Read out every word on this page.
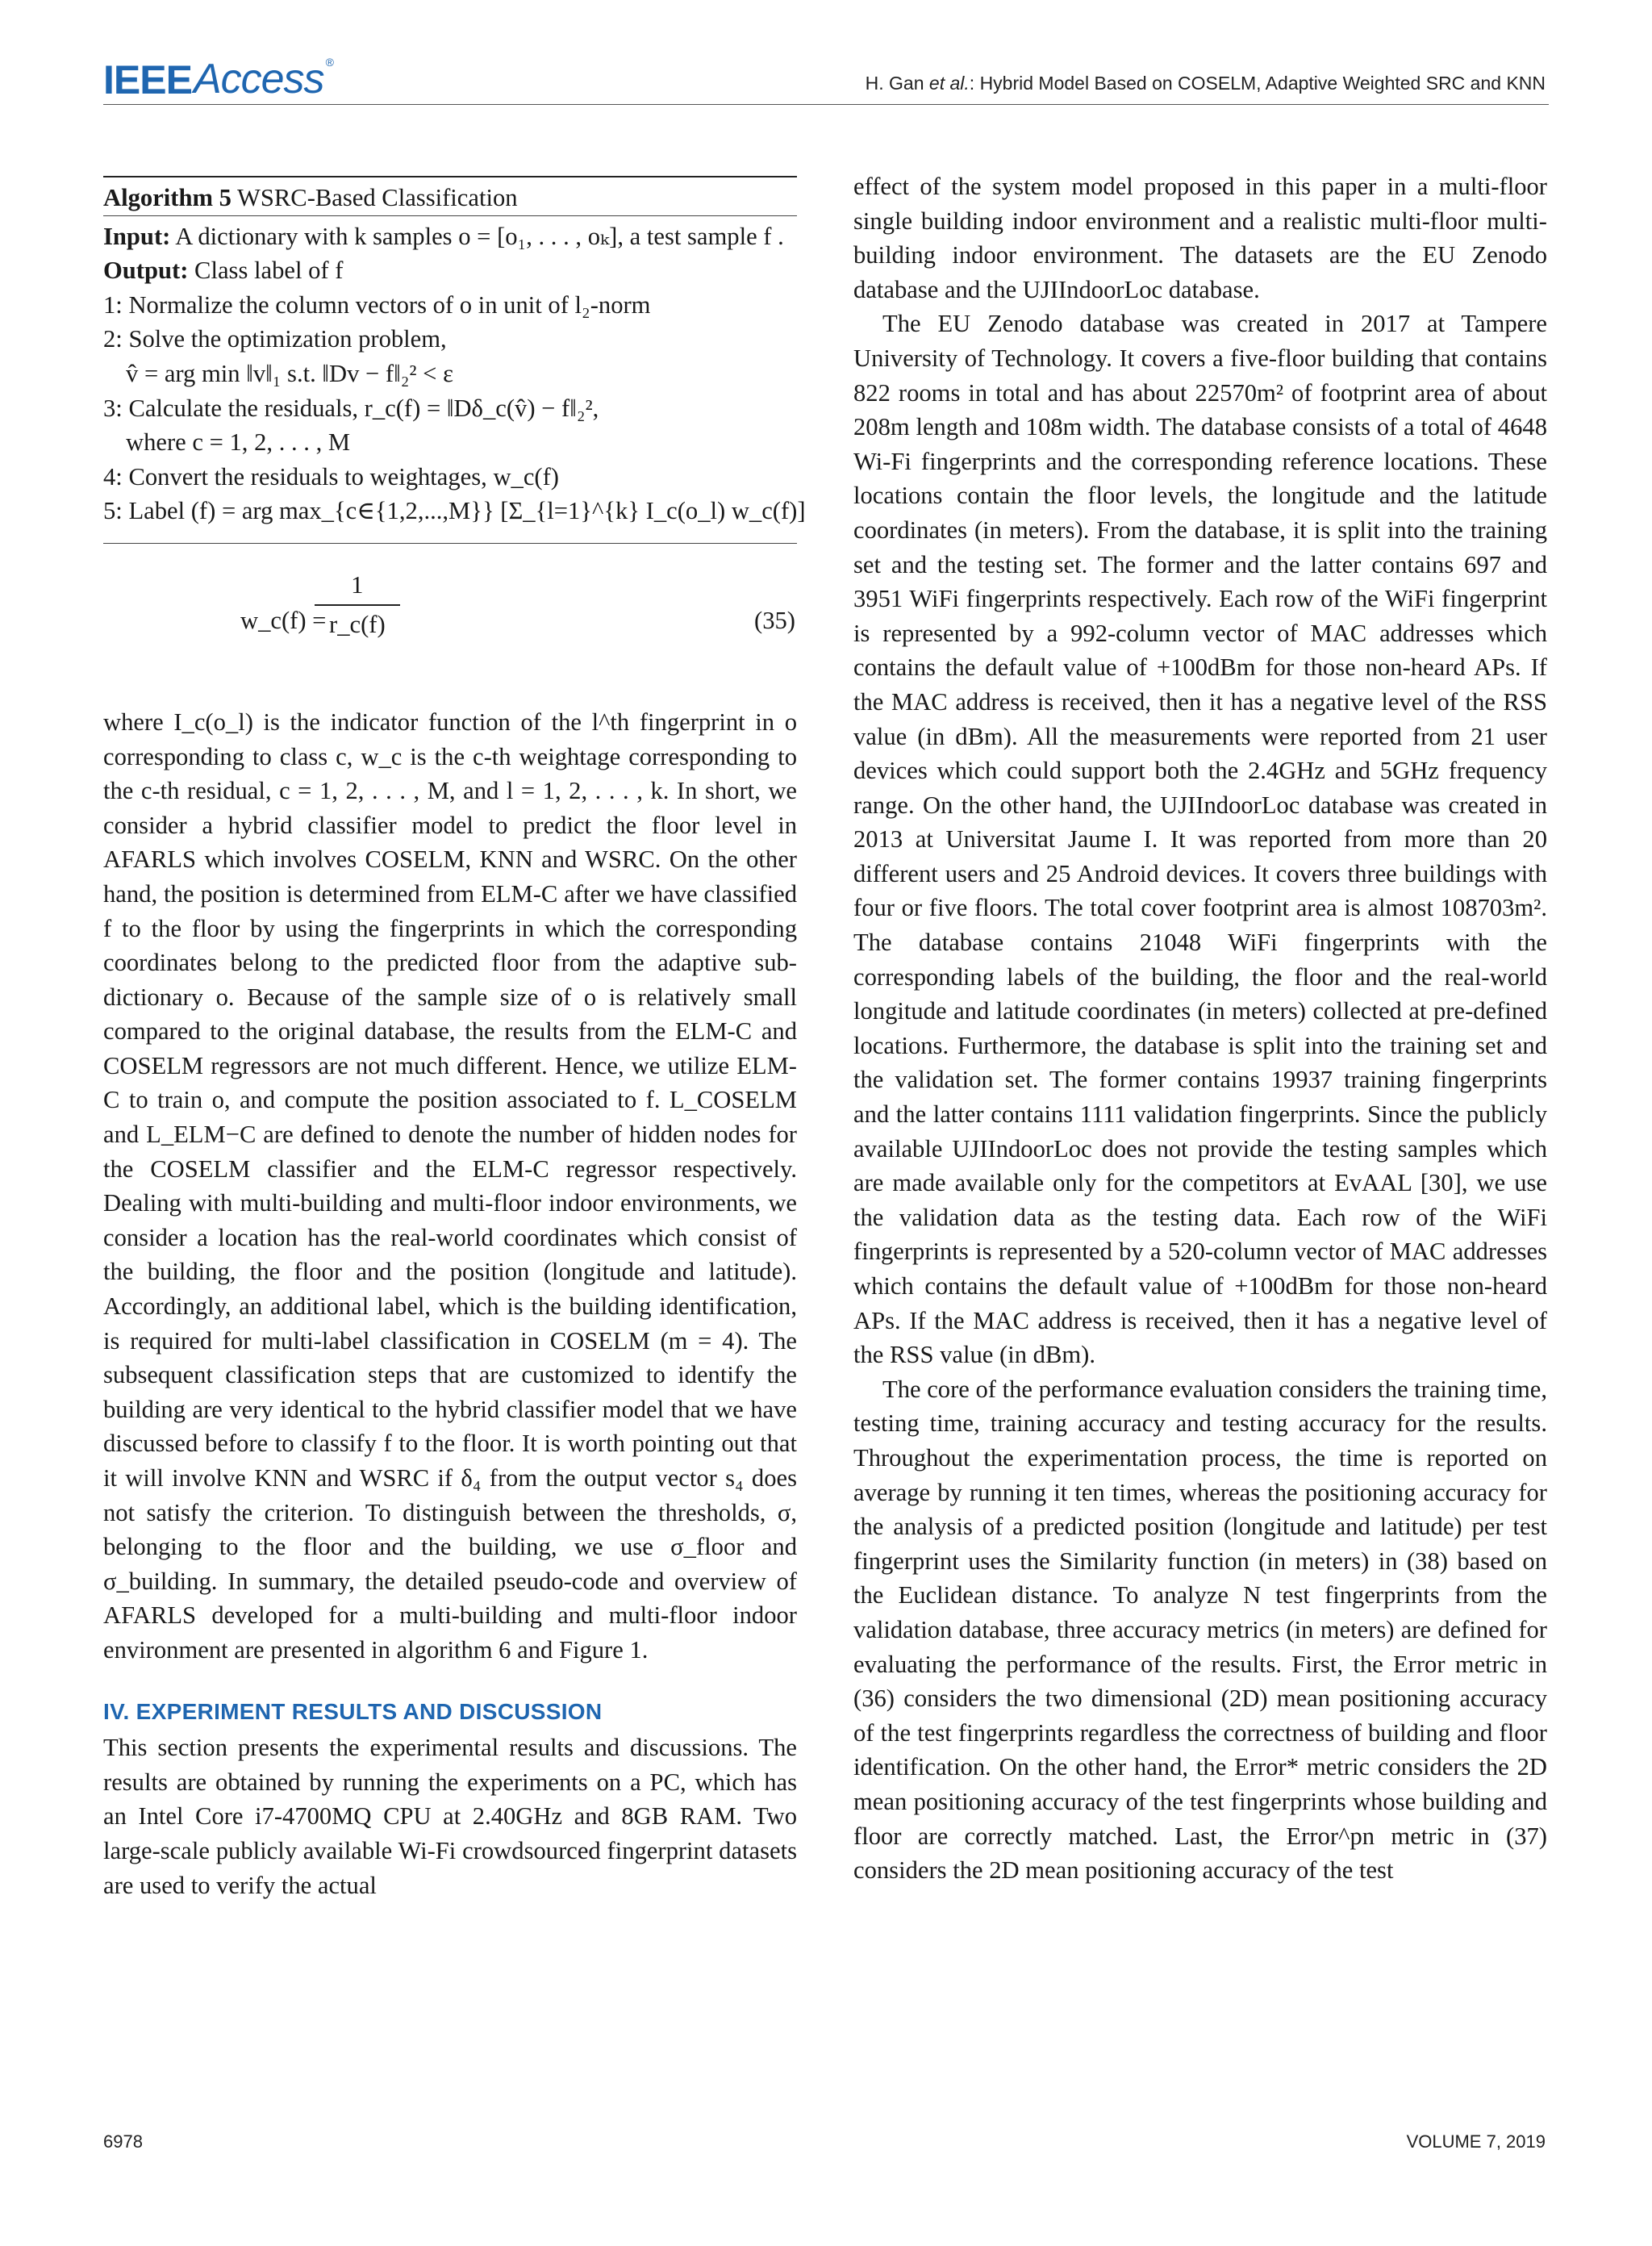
IEEE Access ®
H. Gan et al.: Hybrid Model Based on COSELM, Adaptive Weighted SRC and KNN
Algorithm 5 WSRC-Based Classification
Input: A dictionary with k samples o = [o₁, . . . , oₖ], a test sample f .
Output: Class label of f
1: Normalize the column vectors of o in unit of l₂-norm
2: Solve the optimization problem,
v̂ = arg min ‖v‖₁ s.t. ‖Dv − f‖₂² < ε
3: Calculate the residuals, r_c(f) = ‖Dδ_c(v̂) − f‖₂²,
where c = 1, 2, . . . , M
4: Convert the residuals to weightages, w_c(f)
5: Label (f) = arg max_{c∈{1,2,...,M}} [Σ_{l=1}^{k} I_c(o_l) w_c(f)]
w_c(f) =
1
r_c(f)	(35)

where I_c(o_l) is the indicator function of the l^th fingerprint in o corresponding to class c, w_c is the c-th weightage corresponding to the c-th residual, c = 1, 2, . . . , M, and l = 1, 2, . . . , k. In short, we consider a hybrid classifier model to predict the floor level in AFARLS which involves COSELM, KNN and WSRC. On the other hand, the position is determined from ELM-C after we have classified f to the floor by using the fingerprints in which the corresponding coordinates belong to the predicted floor from the adaptive sub-dictionary o. Because of the sample size of o is relatively small compared to the original database, the results from the ELM-C and COSELM regressors are not much different. Hence, we utilize ELM-C to train o, and compute the position associated to f. L_COSELM and L_ELM−C are defined to denote the number of hidden nodes for the COSELM classifier and the ELM-C regressor respectively. Dealing with multi-building and multi-floor indoor environments, we consider a location has the real-world coordinates which consist of the building, the floor and the position (longitude and latitude). Accordingly, an additional label, which is the building identification, is required for multi-label classification in COSELM (m = 4). The subsequent classification steps that are customized to identify the building are very identical to the hybrid classifier model that we have discussed before to classify f to the floor. It is worth pointing out that it will involve KNN and WSRC if δ₄ from the output vector s₄ does not satisfy the criterion. To distinguish between the thresholds, σ, belonging to the floor and the building, we use σ_floor and σ_building. In summary, the detailed pseudo-code and overview of AFARLS developed for a multi-building and multi-floor indoor environment are presented in algorithm 6 and Figure 1.

IV. EXPERIMENT RESULTS AND DISCUSSION

This section presents the experimental results and discussions. The results are obtained by running the experiments on a PC, which has an Intel Core i7-4700MQ CPU at 2.40GHz and 8GB RAM. Two large-scale publicly available Wi-Fi crowdsourced fingerprint datasets are used to verify the actual

effect of the system model proposed in this paper in a multi-floor single building indoor environment and a realistic multi-floor multi-building indoor environment. The datasets are the EU Zenodo database and the UJIIndoorLoc database.

The EU Zenodo database was created in 2017 at Tampere University of Technology. It covers a five-floor building that contains 822 rooms in total and has about 22570m² of footprint area of about 208m length and 108m width. The database consists of a total of 4648 Wi-Fi fingerprints and the corresponding reference locations. These locations contain the floor levels, the longitude and the latitude coordinates (in meters). From the database, it is split into the training set and the testing set. The former and the latter contains 697 and 3951 WiFi fingerprints respectively. Each row of the WiFi fingerprint is represented by a 992-column vector of MAC addresses which contains the default value of +100dBm for those non-heard APs. If the MAC address is received, then it has a negative level of the RSS value (in dBm). All the measurements were reported from 21 user devices which could support both the 2.4GHz and 5GHz frequency range. On the other hand, the UJIIndoorLoc database was created in 2013 at Universitat Jaume I. It was reported from more than 20 different users and 25 Android devices. It covers three buildings with four or five floors. The total cover footprint area is almost 108703m². The database contains 21048 WiFi fingerprints with the corresponding labels of the building, the floor and the real-world longitude and latitude coordinates (in meters) collected at pre-defined locations. Furthermore, the database is split into the training set and the validation set. The former contains 19937 training fingerprints and the latter contains 1111 validation fingerprints. Since the publicly available UJIIndoorLoc does not provide the testing samples which are made available only for the competitors at EvAAL [30], we use the validation data as the testing data. Each row of the WiFi fingerprints is represented by a 520-column vector of MAC addresses which contains the default value of +100dBm for those non-heard APs. If the MAC address is received, then it has a negative level of the RSS value (in dBm).

The core of the performance evaluation considers the training time, testing time, training accuracy and testing accuracy for the results. Throughout the experimentation process, the time is reported on average by running it ten times, whereas the positioning accuracy for the analysis of a predicted position (longitude and latitude) per test fingerprint uses the Similarity function (in meters) in (38) based on the Euclidean distance. To analyze N test fingerprints from the validation database, three accuracy metrics (in meters) are defined for evaluating the performance of the results. First, the Error metric in (36) considers the two dimensional (2D) mean positioning accuracy of the test fingerprints regardless the correctness of building and floor identification. On the other hand, the Error* metric considers the 2D mean positioning accuracy of the test fingerprints whose building and floor are correctly matched. Last, the Error^pn metric in (37) considers the 2D mean positioning accuracy of the test

6978	VOLUME 7, 2019
